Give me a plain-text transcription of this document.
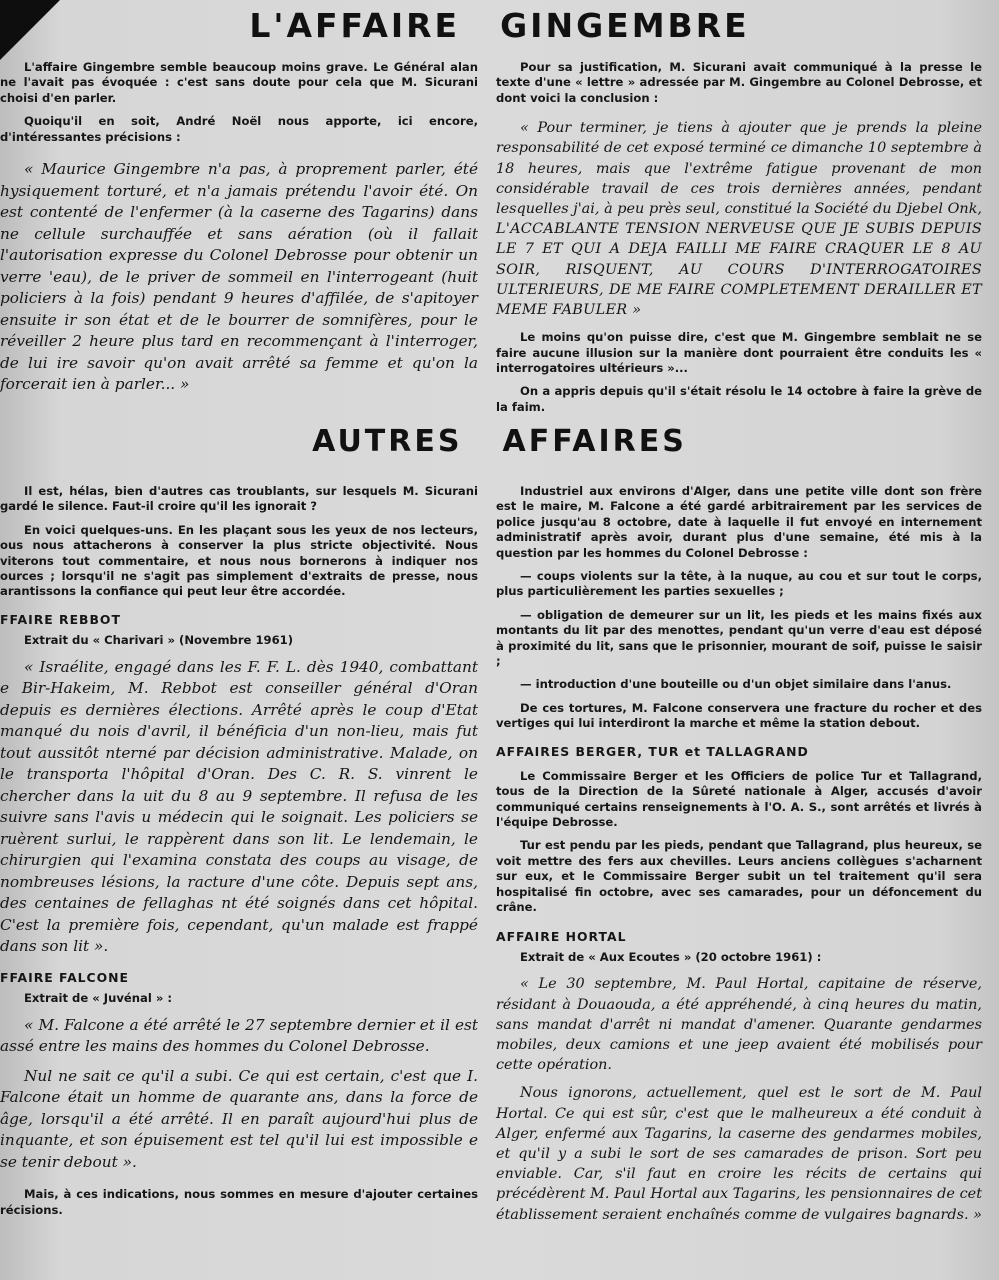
L'AFFAIRE GINGEMBRE

L'affaire Gingembre semble beaucoup moins grave. Le Général alan ne l'avait pas évoquée : c'est sans doute pour cela que M. Sicurani choisi d'en parler.

Quoiqu'il en soit, André Noël nous apporte, ici encore, d'intéressantes précisions :

« Maurice Gingembre n'a pas, à proprement parler, été hysiquement torturé, et n'a jamais prétendu l'avoir été. On est contenté de l'enfermer (à la caserne des Tagarins) dans ne cellule surchauffée et sans aération (où il fallait l'autorisation expresse du Colonel Debrosse pour obtenir un verre 'eau), de le priver de sommeil en l'interrogeant (huit policiers à la fois) pendant 9 heures d'affilée, de s'apitoyer ensuite ir son état et de le bourrer de somnifères, pour le réveiller 2 heure plus tard en recommençant à l'interroger, de lui ire savoir qu'on avait arrêté sa femme et qu'on la forcerait ien à parler... »

Pour sa justification, M. Sicurani avait communiqué à la presse le texte d'une « lettre » adressée par M. Gingembre au Colonel Debrosse, et dont voici la conclusion :

« Pour terminer, je tiens à ajouter que je prends la pleine responsabilité de cet exposé terminé ce dimanche 10 septembre à 18 heures, mais que l'extrême fatigue provenant de mon considérable travail de ces trois dernières années, pendant lesquelles j'ai, à peu près seul, constitué la Société du Djebel Onk, L'ACCABLANTE TENSION NERVEUSE QUE JE SUBIS DEPUIS LE 7 ET QUI A DEJA FAILLI ME FAIRE CRAQUER LE 8 AU SOIR, RISQUENT, AU COURS D'INTERROGATOIRES ULTERIEURS, DE ME FAIRE COMPLETEMENT DERAILLER ET MEME FABULER »

Le moins qu'on puisse dire, c'est que M. Gingembre semblait ne se faire aucune illusion sur la manière dont pourraient être conduits les « interrogatoires ultérieurs »...

On a appris depuis qu'il s'était résolu le 14 octobre à faire la grève de la faim.

AUTRES AFFAIRES

Il est, hélas, bien d'autres cas troublants, sur lesquels M. Sicurani gardé le silence. Faut-il croire qu'il les ignorait ?

En voici quelques-uns. En les plaçant sous les yeux de nos lecteurs, ous nous attacherons à conserver la plus stricte objectivité. Nous viterons tout commentaire, et nous nous bornerons à indiquer nos ources ; lorsqu'il ne s'agit pas simplement d'extraits de presse, nous arantissons la confiance qui peut leur être accordée.

FFAIRE REBBOT

Extrait du « Charivari » (Novembre 1961)

« Israélite, engagé dans les F. F. L. dès 1940, combattant e Bir-Hakeim, M. Rebbot est conseiller général d'Oran depuis es dernières élections. Arrêté après le coup d'Etat manqué du nois d'avril, il bénéficia d'un non-lieu, mais fut tout aussitôt nterné par décision administrative. Malade, on le transporta l'hôpital d'Oran. Des C. R. S. vinrent le chercher dans la uit du 8 au 9 septembre. Il refusa de les suivre sans l'avis u médecin qui le soignait. Les policiers se ruèrent surlui, le rappèrent dans son lit. Le lendemain, le chirurgien qui l'examina constata des coups au visage, de nombreuses lésions, la racture d'une côte. Depuis sept ans, des centaines de fellaghas nt été soignés dans cet hôpital. C'est la première fois, cependant, qu'un malade est frappé dans son lit ».

FFAIRE FALCONE

Extrait de « Juvénal » :

« M. Falcone a été arrêté le 27 septembre dernier et il est assé entre les mains des hommes du Colonel Debrosse.

Nul ne sait ce qu'il a subi. Ce qui est certain, c'est que I. Falcone était un homme de quarante ans, dans la force de âge, lorsqu'il a été arrêté. Il en paraît aujourd'hui plus de inquante, et son épuisement est tel qu'il lui est impossible e se tenir debout ».

Mais, à ces indications, nous sommes en mesure d'ajouter certaines récisions.

Industriel aux environs d'Alger, dans une petite ville dont son frère est le maire, M. Falcone a été gardé arbitrairement par les services de police jusqu'au 8 octobre, date à laquelle il fut envoyé en internement administratif après avoir, durant plus d'une semaine, été mis à la question par les hommes du Colonel Debrosse :

— coups violents sur la tête, à la nuque, au cou et sur tout le corps, plus particulièrement les parties sexuelles ;

— obligation de demeurer sur un lit, les pieds et les mains fixés aux montants du lit par des menottes, pendant qu'un verre d'eau est déposé à proximité du lit, sans que le prisonnier, mourant de soif, puisse le saisir ;

— introduction d'une bouteille ou d'un objet similaire dans l'anus.

De ces tortures, M. Falcone conservera une fracture du rocher et des vertiges qui lui interdiront la marche et même la station debout.

AFFAIRES BERGER, TUR et TALLAGRAND

Le Commissaire Berger et les Officiers de police Tur et Tallagrand, tous de la Direction de la Sûreté nationale à Alger, accusés d'avoir communiqué certains renseignements à l'O. A. S., sont arrêtés et livrés à l'équipe Debrosse.

Tur est pendu par les pieds, pendant que Tallagrand, plus heureux, se voit mettre des fers aux chevilles. Leurs anciens collègues s'acharnent sur eux, et le Commissaire Berger subit un tel traitement qu'il sera hospitalisé fin octobre, avec ses camarades, pour un défoncement du crâne.

AFFAIRE HORTAL

Extrait de « Aux Ecoutes » (20 octobre 1961) :

« Le 30 septembre, M. Paul Hortal, capitaine de réserve, résidant à Douaouda, a été appréhendé, à cinq heures du matin, sans mandat d'arrêt ni mandat d'amener. Quarante gendarmes mobiles, deux camions et une jeep avaient été mobilisés pour cette opération.

Nous ignorons, actuellement, quel est le sort de M. Paul Hortal. Ce qui est sûr, c'est que le malheureux a été conduit à Alger, enfermé aux Tagarins, la caserne des gendarmes mobiles, et qu'il y a subi le sort de ses camarades de prison. Sort peu enviable. Car, s'il faut en croire les récits de certains qui précédèrent M. Paul Hortal aux Tagarins, les pensionnaires de cet établissement seraient enchaînés comme de vulgaires bagnards. »
